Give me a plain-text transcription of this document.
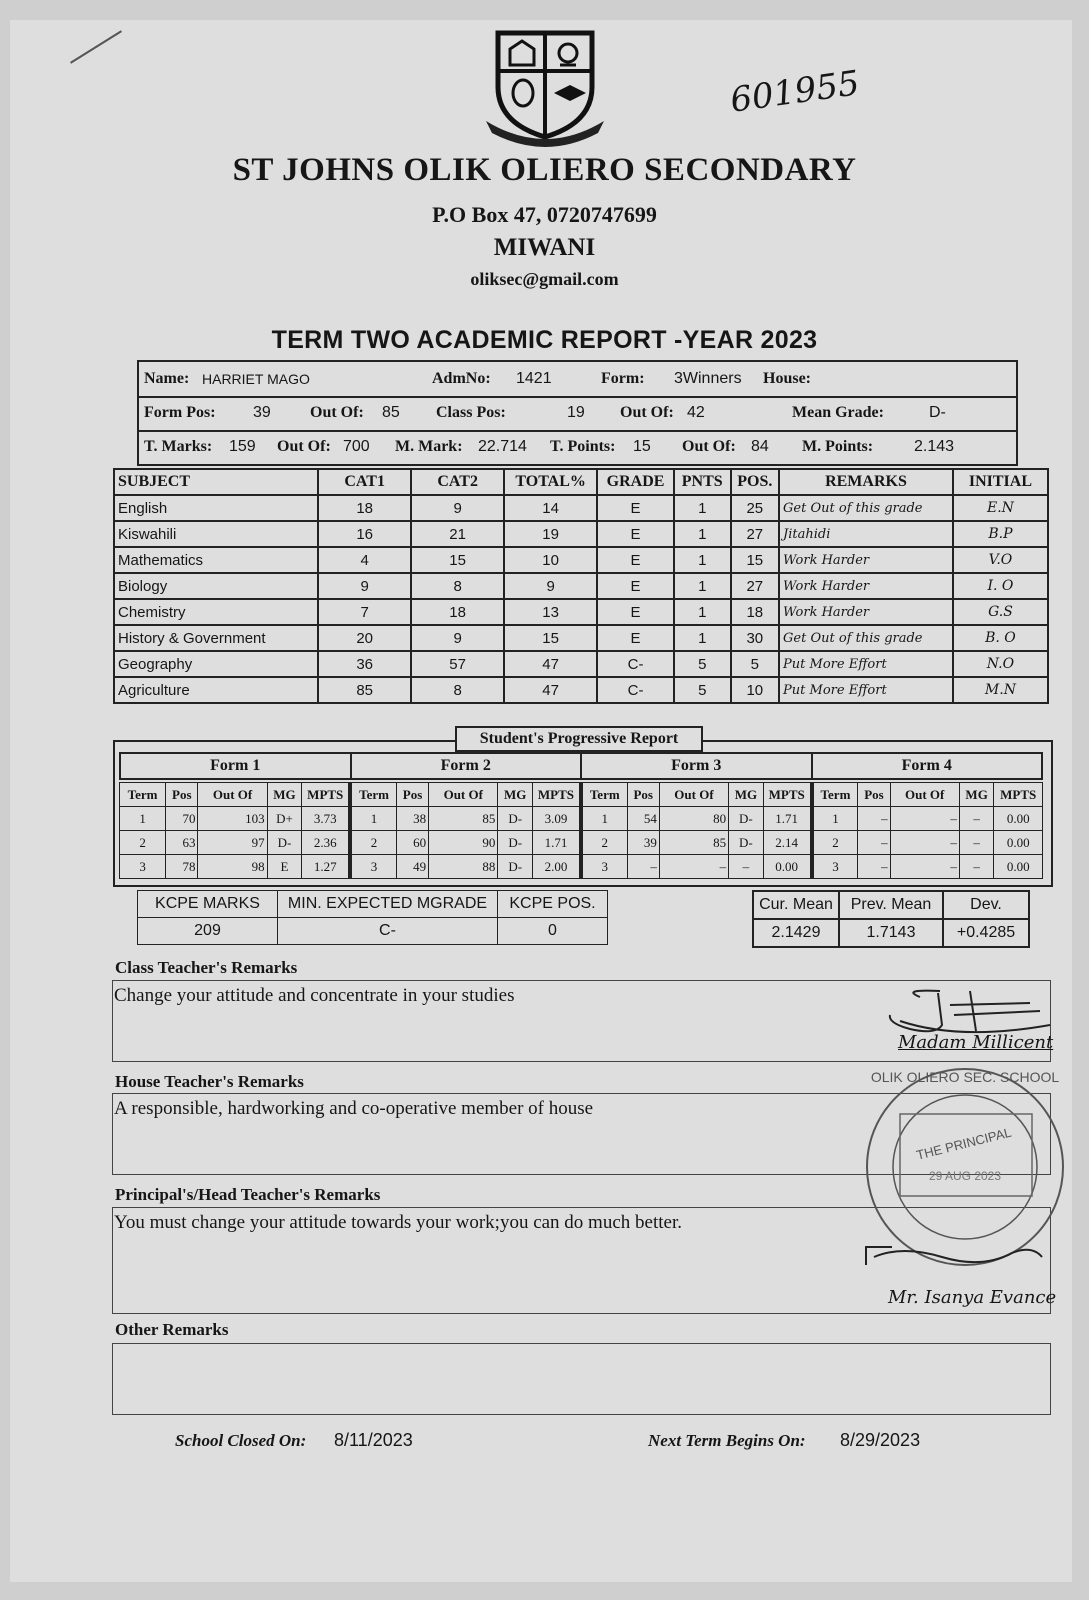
601955
ST JOHNS OLIK OLIERO SECONDARY
P.O Box 47, 0720747699
MIWANI
oliksec@gmail.com
TERM TWO ACADEMIC REPORT -YEAR 2023
Name: HARRIET MAGO	AdmNo: 1421	Form: 3Winners House:
Form Pos: 39 Out Of: 85 Class Pos:	19 Out Of: 42	Mean Grade:	D-
T. Marks: 159 Out Of: 700 M. Mark: 22.714 T. Points: 15 Out Of: 84 M. Points:	2.143
SUBJECT	CAT1	CAT2	TOTAL%	GRADE	PNTS	POS.	REMARKS	INITIAL
English	18	9	14	E	1	25	Get Out of this grade	E.N
Kiswahili	16	21	19	E	1	27	Jitahidi	B.P
Mathematics	4	15	10	E	1	15	Work Harder	V.O
Biology	9	8	9	E	1	27	Work Harder	I. O
Chemistry	7	18	13	E	1	18	Work Harder	G.S
History & Government	20	9	15	E	1	30	Get Out of this grade	B. O
Geography	36	57	47	C-	5	5	Put More Effort	N.O
Agriculture	85	8	47	C-	5	10	Put More Effort	M.N
Student's Progressive Report
Form 1	Form 2	Form 3	Form 4
Term	Pos	Out Of	MG	MPTS	Term	Pos	Out Of	MG	MPTS	Term	Pos	Out Of	MG	MPTS	Term	Pos	Out Of	MG	MPTS
1	70	103	D+	3.73	1	38	85	D-	3.09	1	54	80	D-	1.71	1	–	–	–	0.00
2	63	97	D-	2.36	2	60	90	D-	1.71	2	39	85	D-	2.14	2	–	–	–	0.00
3	78	98	E	1.27	3	49	88	D-	2.00	3	–	–	–	0.00	3	–	–	–	0.00
KCPE MARKS	MIN. EXPECTED MGRADE	KCPE POS.
209	C-	0
Cur. Mean	Prev. Mean	Dev.
2.1429	1.7143	+0.4285
Class Teacher's Remarks
Change your attitude and concentrate in your studies
Madam Millicent
House Teacher's Remarks
A responsible, hardworking and co-operative member of house
Principal's/Head Teacher's Remarks
You must change your attitude towards your work;you can do much better.
OLIK OLIERO SEC. SCHOOL
THE PRINCIPAL
29 AUG 2023
Mr. Isanya Evance
Other Remarks
School Closed On: 8/11/2023	Next Term Begins On: 8/29/2023
